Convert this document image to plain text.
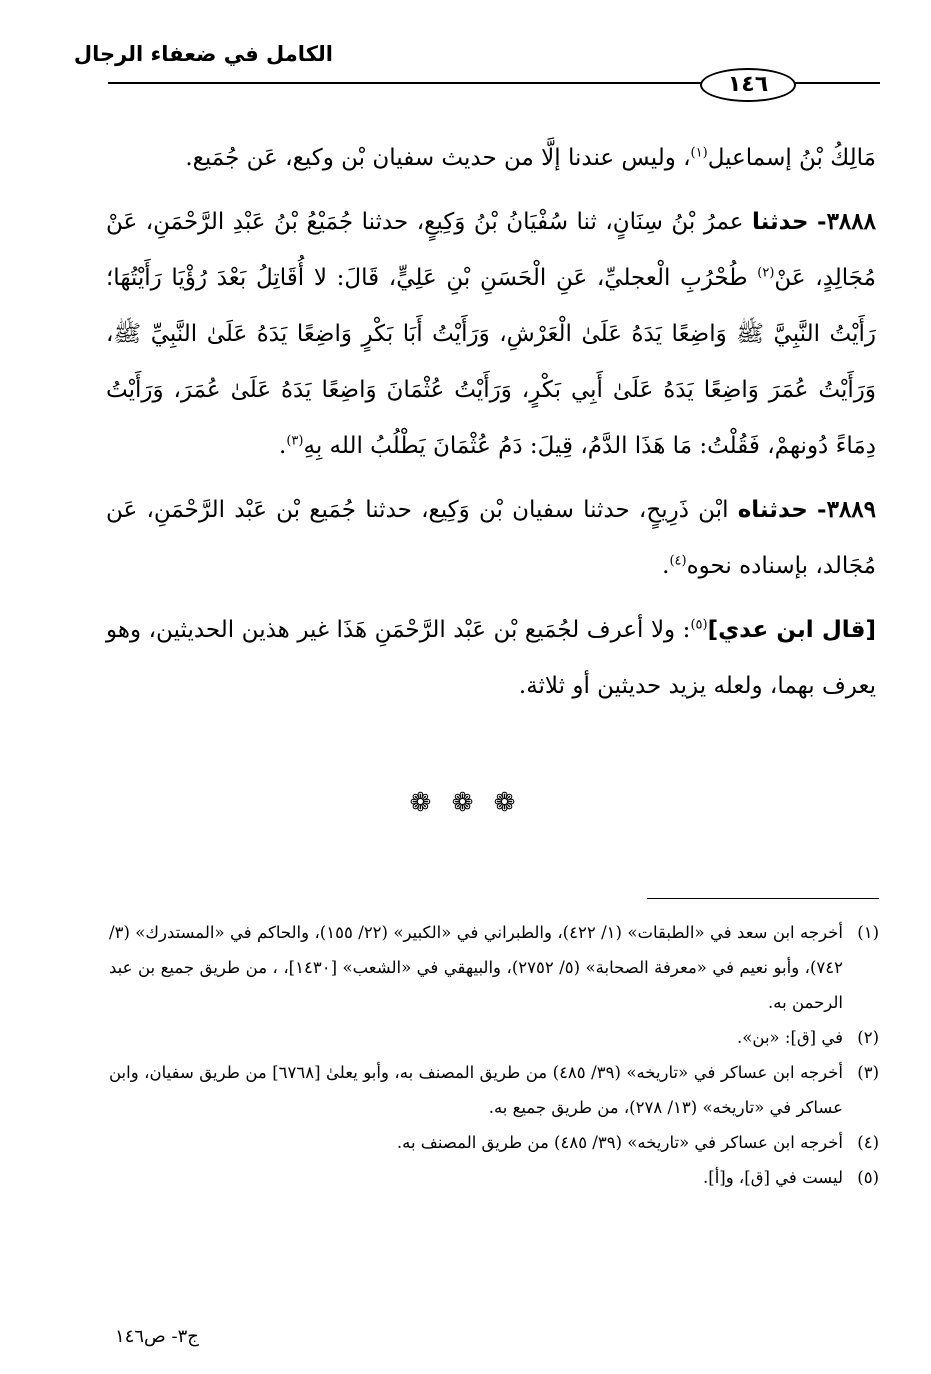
الكامل في ضعفاء الرجال
١٤٦

مَالِكُ بْنُ إسماعيل$^{(١)}$، وليس عندنا إلَّا من حديث سفيان بْن وكيع، عَن جُمَيع.

٣٨٨٨- حدثنا عمرُ بْنُ سِنَانٍ، ثنا سُفْيَانُ بْنُ وَكِيعٍ، حدثنا جُمَيْعُ بْنُ عَبْدِ الرَّحْمَنِ، عَنْ مُجَالِدٍ، عَنْ$^{(٢)}$ طُحْرُبِ الْعجليِّ، عَنِ الْحَسَنِ بْنِ عَلِيٍّ، قَالَ: لا أُقَاتِلُ بَعْدَ رُؤْيَا رَأَيْتُهَا؛ رَأَيْتُ النَّبِيَّ ﷺ وَاضِعًا يَدَهُ عَلَىٰ الْعَرْشِ، وَرَأَيْتُ أَبَا بَكْرٍ وَاضِعًا يَدَهُ عَلَىٰ النَّبِيِّ ﷺ، وَرَأَيْتُ عُمَرَ وَاضِعًا يَدَهُ عَلَىٰ أَبِي بَكْرٍ، وَرَأَيْتُ عُثْمَانَ وَاضِعًا يَدَهُ عَلَىٰ عُمَرَ، وَرَأَيْتُ دِمَاءً دُونهمْ، فَقُلْتُ: مَا هَذَا الدَّمُ، قِيلَ: دَمُ عُثْمَانَ يَطْلُبُ الله بِهِ$^{(٣)}$.

٣٨٨٩- حدثناه ابْن ذَرِيحٍ، حدثنا سفيان بْن وَكِيع، حدثنا جُمَيع بْن عَبْد الرَّحْمَنِ، عَن مُجَالد، بإسناده نحوه$^{(٤)}$.

[قال ابن عدي]$^{(٥)}$: ولا أعرف لجُمَيع بْن عَبْد الرَّحْمَنِ هَذَا غير هذين الحديثين، وهو يعرف بهما، ولعله يزيد حديثين أو ثلاثة.

❁ ❁ ❁
(١)
أخرجه ابن سعد في «الطبقات» (١/ ٤٢٢)، والطبراني في «الكبير» (٢٢/ ١٥٥)، والحاكم في «المستدرك» (٣/ ٧٤٢)، وأبو نعيم في «معرفة الصحابة» (٥/ ٢٧٥٢)، والبيهقي في «الشعب» [١٤٣٠]، ، من طريق جميع بن عبد الرحمن به.
(٢)
في [ق]: «بن».
(٣)
أخرجه ابن عساكر في «تاريخه» (٣٩/ ٤٨٥) من طريق المصنف به، وأبو يعلىٰ [٦٧٦٨] من طريق سفيان، وابن عساكر في «تاريخه» (١٣/ ٢٧٨)، من طريق جميع به.
(٤)
أخرجه ابن عساكر في «تاريخه» (٣٩/ ٤٨٥) من طريق المصنف به.
(٥)
ليست في [ق]، و[أ].
ج٣- ص١٤٦
